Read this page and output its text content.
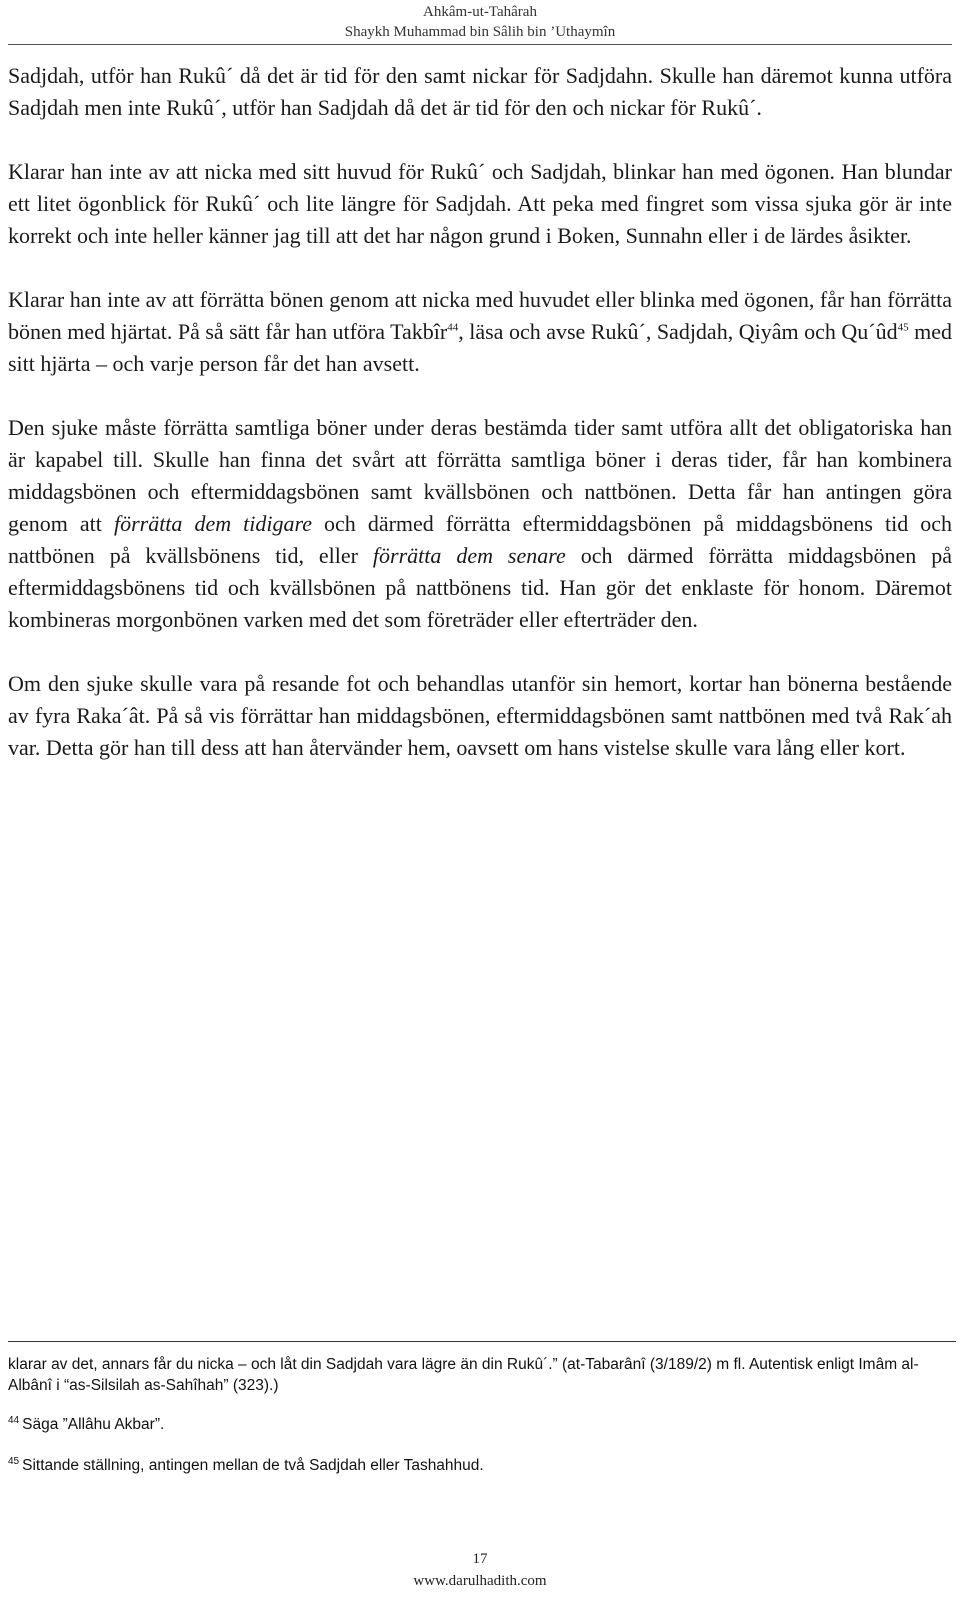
Ahkâm-ut-Tahârah
Shaykh Muhammad bin Sâlih bin ’Uthaymîn

Sadjdah, utför han Rukû´ då det är tid för den samt nickar för Sadjdahn. Skulle han däremot kunna utföra Sadjdah men inte Rukû´, utför han Sadjdah då det är tid för den och nickar för Rukû´.

Klarar han inte av att nicka med sitt huvud för Rukû´ och Sadjdah, blinkar han med ögonen. Han blundar ett litet ögonblick för Rukû´ och lite längre för Sadjdah. Att peka med fingret som vissa sjuka gör är inte korrekt och inte heller känner jag till att det har någon grund i Boken, Sunnahn eller i de lärdes åsikter.

Klarar han inte av att förrätta bönen genom att nicka med huvudet eller blinka med ögonen, får han förrätta bönen med hjärtat. På så sätt får han utföra Takbîr$^{44}$, läsa och avse Rukû´, Sadjdah, Qiyâm och $Qu´ûd^{45}$ med sitt hjärta – och varje person får det han avsett.

Den sjuke måste förrätta samtliga böner under deras bestämda tider samt utföra allt det obligatoriska han är kapabel till. Skulle han finna det svårt att förrätta samtliga böner i deras tider, får han kombinera middagsbönen och eftermiddagsbönen samt kvällsbönen och nattbönen. Detta får han antingen göra genom att förrätta dem tidigare och därmed förrätta eftermiddagsbönen på middagsbönens tid och nattbönen på kvällsbönens tid, eller förrätta dem senare och därmed förrätta middagsbönen på eftermiddagsbönens tid och kvällsbönen på nattbönens tid. Han gör det enklaste för honom. Däremot kombineras morgonbönen varken med det som företräder eller efterträder den.

Om den sjuke skulle vara på resande fot och behandlas utanför sin hemort, kortar han bönerna bestående av fyra Raka´ât. På så vis förrättar han middagsbönen, eftermiddagsbönen samt nattbönen med två Rak´ah var. Detta gör han till dess att han återvänder hem, oavsett om hans vistelse skulle vara lång eller kort.

klarar av det, annars får du nicka – och låt din Sadjdah vara lägre än din Rukû´.” (at-Tabarânî (3/189/2) m fl. Autentisk enligt Imâm al-Albânî i “as-Silsilah as-Sahîhah” (323).)

$^{44}$ Säga ”Allâhu Akbar”.

$^{45}$ Sittande ställning, antingen mellan de två Sadjdah eller Tashahhud.

17
www.darulhadith.com
